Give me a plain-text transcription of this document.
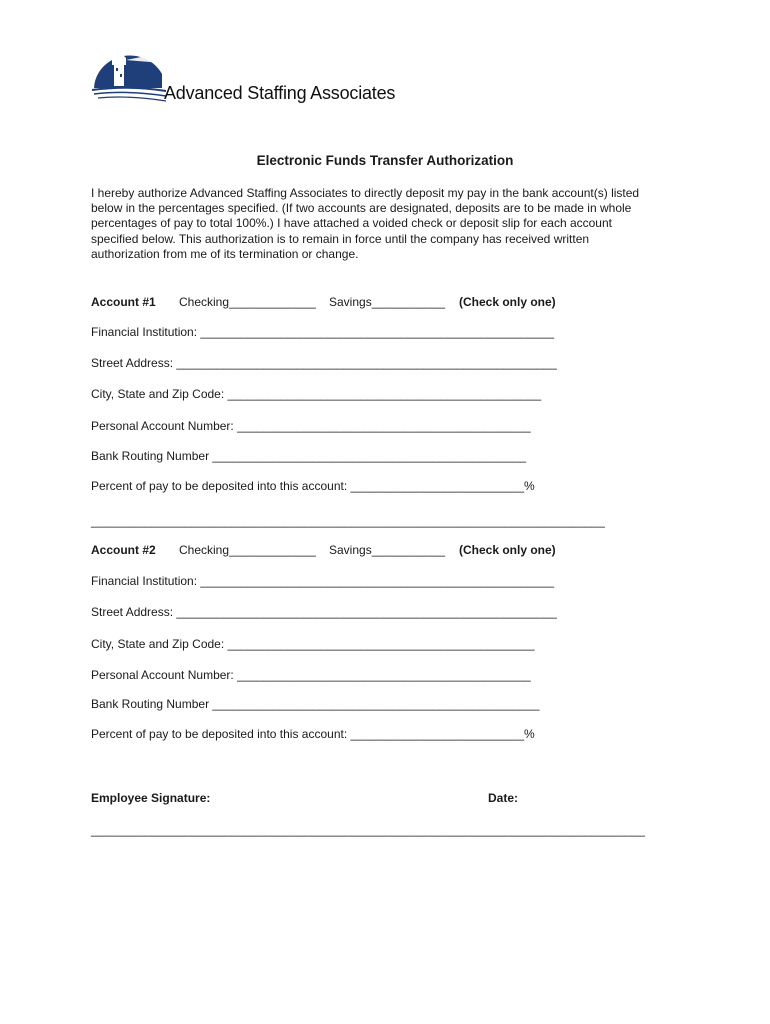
Advanced Staffing Associates
Electronic Funds Transfer Authorization
I hereby authorize Advanced Staffing Associates to directly deposit my pay in the bank account(s) listed
below in the percentages specified. (If two accounts are designated, deposits are to be made in whole
percentages of pay to total 100%.) I have attached a voided check or deposit slip for each account
specified below. This authorization is to remain in force until the company has received written
authorization from me of its termination or change.
Account #1 Checking_____________ Savings___________ (Check only one)
Financial Institution: _____________________________________________________
Street Address: _________________________________________________________
City, State and Zip Code: _______________________________________________
Personal Account Number: ____________________________________________
Bank Routing Number _______________________________________________
Percent of pay to be deposited into this account: __________________________%
_____________________________________________________________________________
Account #2 Checking_____________ Savings___________ (Check only one)
Financial Institution: _____________________________________________________
Street Address: _________________________________________________________
City, State and Zip Code: ______________________________________________
Personal Account Number: ____________________________________________
Bank Routing Number _________________________________________________
Percent of pay to be deposited into this account: __________________________%
Employee Signature:	Date:
___________________________________________________________________________________
